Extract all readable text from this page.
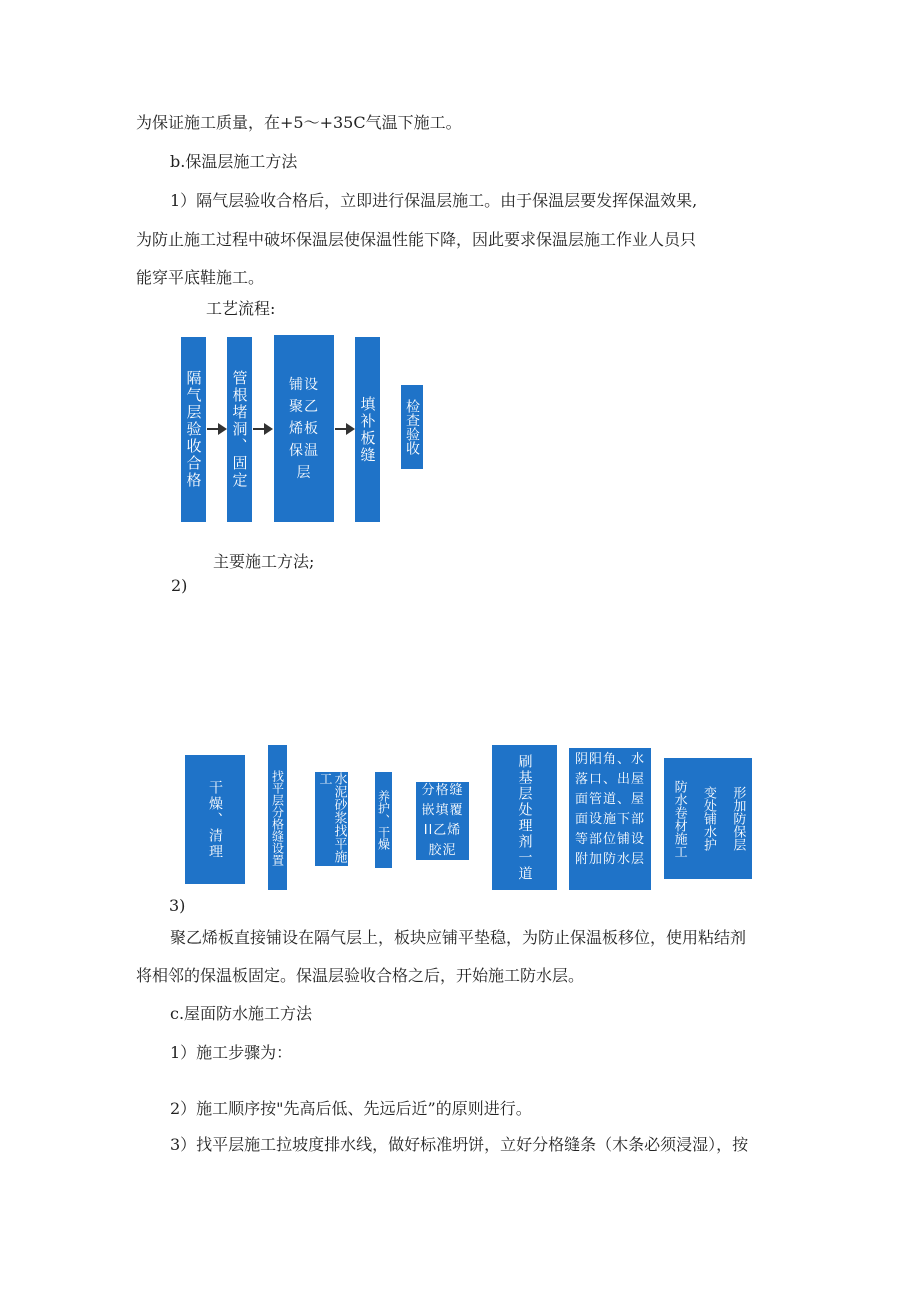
为保证施工质量，在+5～+35C气温下施工。
b.保温层施工方法
1）隔气层验收合格后，立即进行保温层施工。由于保温层要发挥保温效果,
为防止施工过程中破坏保温层使保温性能下降，因此要求保温层施工作业人员只
能穿平底鞋施工。
工艺流程:
隔气层验收合格 管根堵洞、固定	铺设聚乙烯板保温层
填补板缝 检查验收
主要施工方法;
2)
干燥、清理	找平层分格缝设置	水泥砂浆找平施工
养护、干燥	分格缝嵌填覆Il乙烯胶泥	刷基层处理剂一道	阴阳角、水落口、出屋面管道、屋面设施下部等部位铺设附加防水层
防水卷材施工 变处铺水护 形加防保层
3)
聚乙烯板直接铺设在隔气层上，板块应铺平垫稳，为防止保温板移位，使用粘结剂
将相邻的保温板固定。保温层验收合格之后，开始施工防水层。
c.屋面防水施工方法
1）施工步骤为：
2）施工顺序按"先高后低、先远后近”的原则进行。
3）找平层施工拉坡度排水线，做好标准坍饼，立好分格缝条（木条必须浸湿），按
